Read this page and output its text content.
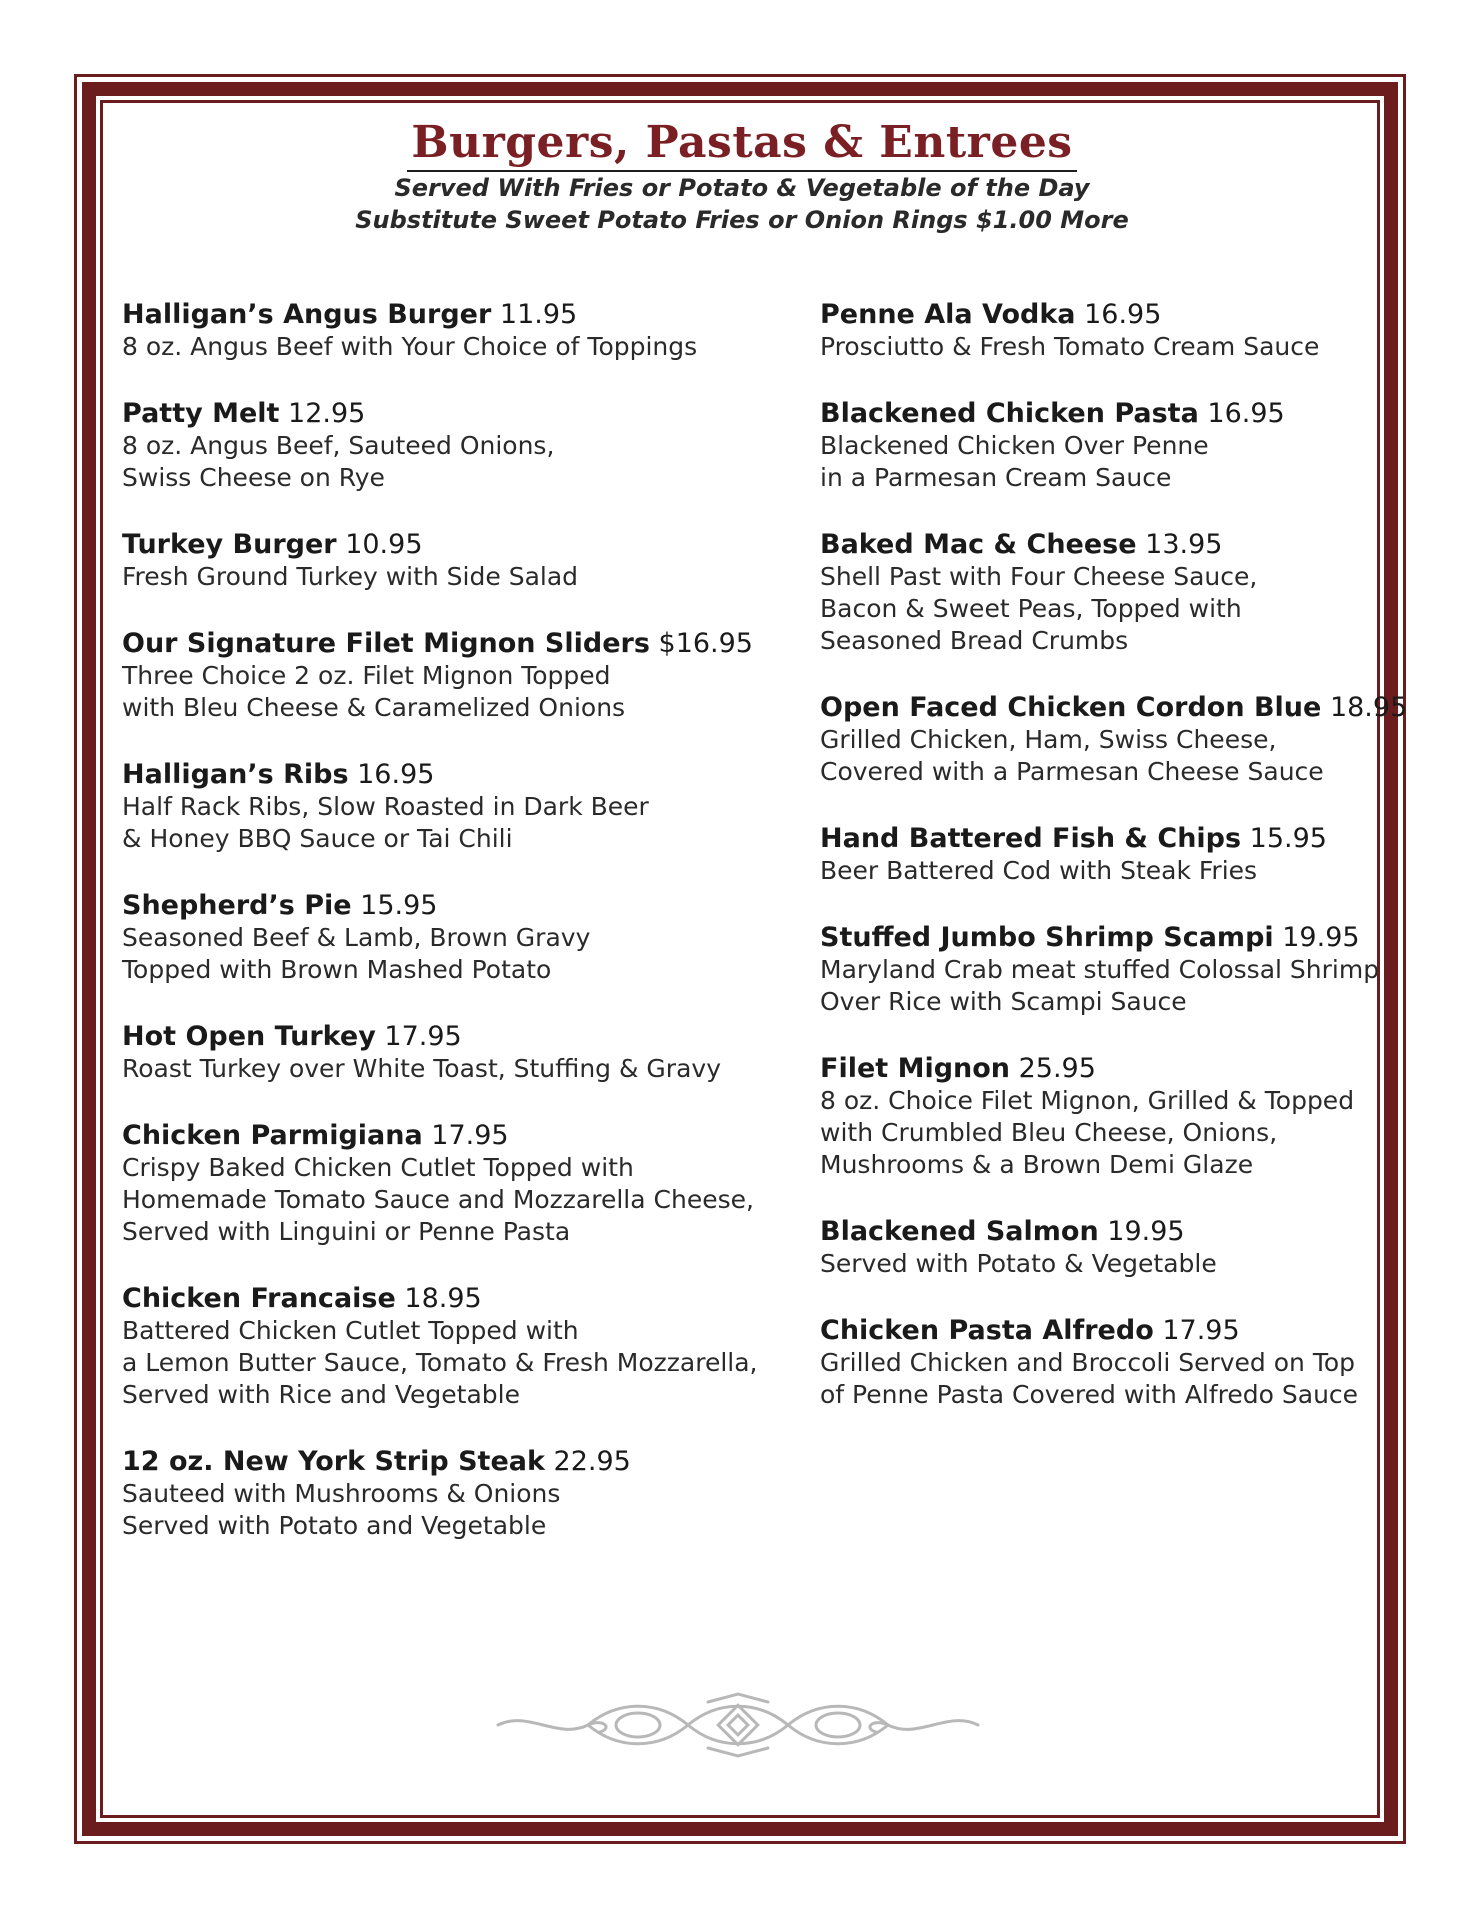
Burgers, Pastas & Entrees
Served With Fries or Potato & Vegetable of the Day
Substitute Sweet Potato Fries or Onion Rings $1.00 More
Halligan’s Angus Burger 11.95
8 oz. Angus Beef with Your Choice of Toppings
Patty Melt 12.95
8 oz. Angus Beef, Sauteed Onions,
Swiss Cheese on Rye
Turkey Burger 10.95
Fresh Ground Turkey with Side Salad
Our Signature Filet Mignon Sliders $16.95
Three Choice 2 oz. Filet Mignon Topped
with Bleu Cheese & Caramelized Onions
Halligan’s Ribs 16.95
Half Rack Ribs, Slow Roasted in Dark Beer
& Honey BBQ Sauce or Tai Chili
Shepherd’s Pie 15.95
Seasoned Beef & Lamb, Brown Gravy
Topped with Brown Mashed Potato
Hot Open Turkey 17.95
Roast Turkey over White Toast, Stuffing & Gravy
Chicken Parmigiana 17.95
Crispy Baked Chicken Cutlet Topped with
Homemade Tomato Sauce and Mozzarella Cheese,
Served with Linguini or Penne Pasta
Chicken Francaise 18.95
Battered Chicken Cutlet Topped with
a Lemon Butter Sauce, Tomato & Fresh Mozzarella,
Served with Rice and Vegetable
12 oz. New York Strip Steak 22.95
Sauteed with Mushrooms & Onions
Served with Potato and Vegetable
Penne Ala Vodka 16.95
Prosciutto & Fresh Tomato Cream Sauce
Blackened Chicken Pasta 16.95
Blackened Chicken Over Penne
in a Parmesan Cream Sauce
Baked Mac & Cheese 13.95
Shell Past with Four Cheese Sauce,
Bacon & Sweet Peas, Topped with
Seasoned Bread Crumbs
Open Faced Chicken Cordon Blue 18.95
Grilled Chicken, Ham, Swiss Cheese,
Covered with a Parmesan Cheese Sauce
Hand Battered Fish & Chips 15.95
Beer Battered Cod with Steak Fries
Stuffed Jumbo Shrimp Scampi 19.95
Maryland Crab meat stuffed Colossal Shrimp
Over Rice with Scampi Sauce
Filet Mignon 25.95
8 oz. Choice Filet Mignon, Grilled & Topped
with Crumbled Bleu Cheese, Onions,
Mushrooms & a Brown Demi Glaze
Blackened Salmon 19.95
Served with Potato & Vegetable
Chicken Pasta Alfredo 17.95
Grilled Chicken and Broccoli Served on Top
of Penne Pasta Covered with Alfredo Sauce
